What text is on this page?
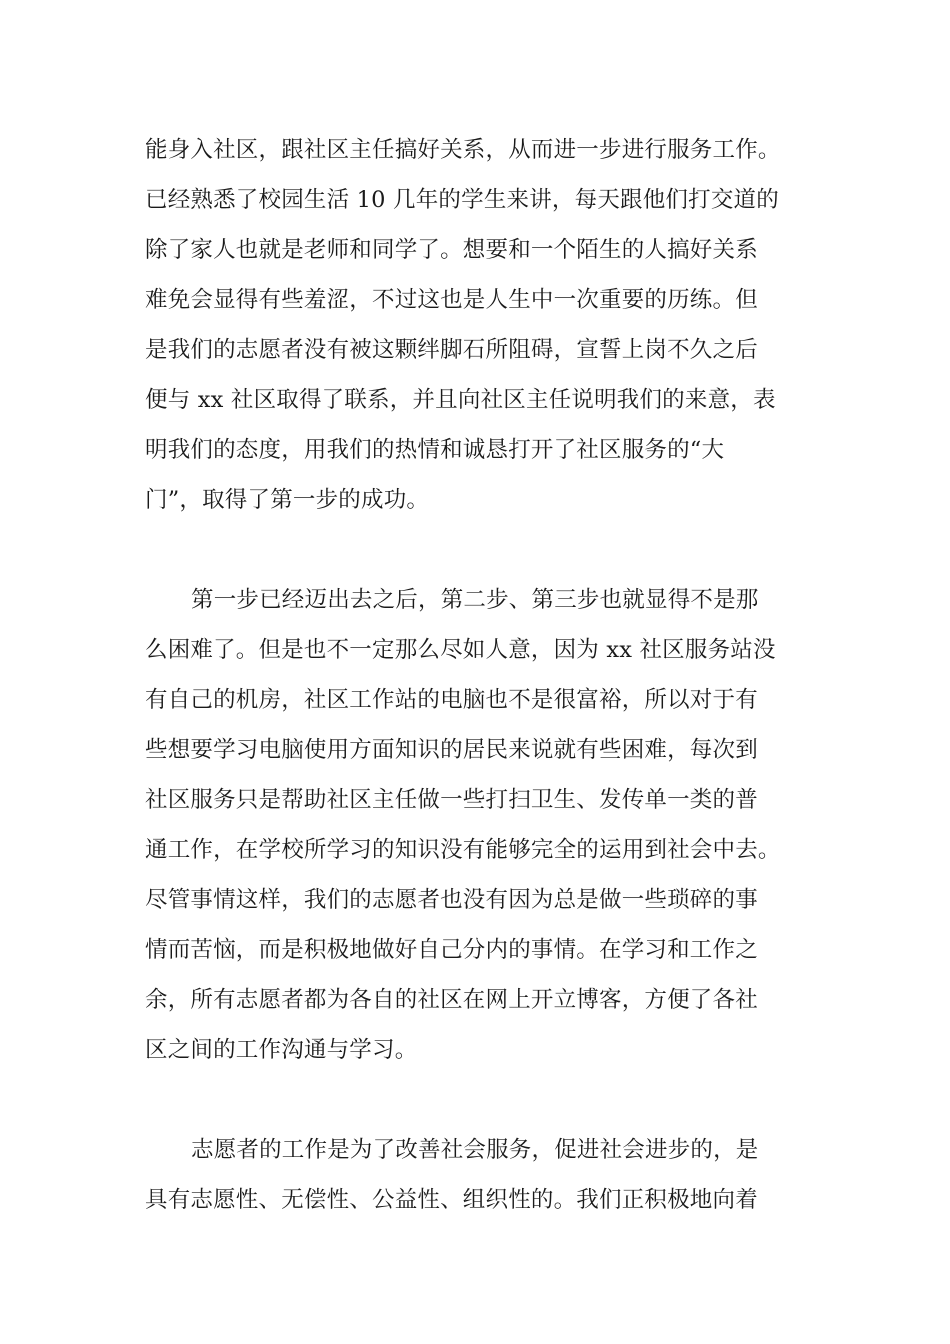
能身入社区，跟社区主任搞好关系，从而进一步进行服务工作。
已经熟悉了校园生活 10 几年的学生来讲，每天跟他们打交道的
除了家人也就是老师和同学了。想要和一个陌生的人搞好关系
难免会显得有些羞涩，不过这也是人生中一次重要的历练。但
是我们的志愿者没有被这颗绊脚石所阻碍，宣誓上岗不久之后
便与 xx 社区取得了联系，并且向社区主任说明我们的来意，表
明我们的态度，用我们的热情和诚恳打开了社区服务的“大
门”，取得了第一步的成功。
第一步已经迈出去之后，第二步、第三步也就显得不是那
么困难了。但是也不一定那么尽如人意，因为 xx 社区服务站没
有自己的机房，社区工作站的电脑也不是很富裕，所以对于有
些想要学习电脑使用方面知识的居民来说就有些困难，每次到
社区服务只是帮助社区主任做一些打扫卫生、发传单一类的普
通工作，在学校所学习的知识没有能够完全的运用到社会中去。
尽管事情这样，我们的志愿者也没有因为总是做一些琐碎的事
情而苦恼，而是积极地做好自己分内的事情。在学习和工作之
余，所有志愿者都为各自的社区在网上开立博客，方便了各社
区之间的工作沟通与学习。
志愿者的工作是为了改善社会服务，促进社会进步的，是
具有志愿性、无偿性、公益性、组织性的。我们正积极地向着
